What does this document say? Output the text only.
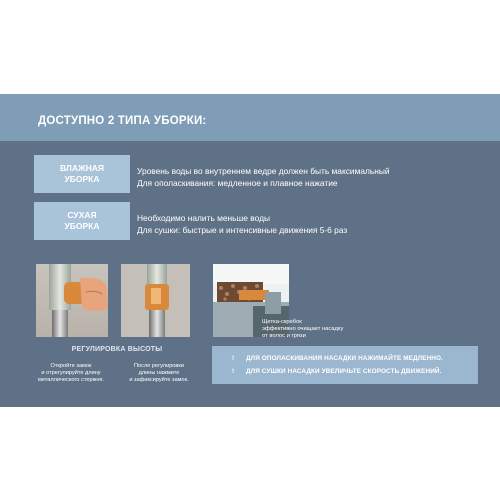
ДОСТУПНО 2 ТИПА УБОРКИ:
ВЛАЖНАЯ
УБОРКА
Уровень воды во внутреннем ведре должен быть максимальный
Для ополаскивания: медленное и плавное нажатие
СУХАЯ
УБОРКА
Необходимо налить меньше воды
Для сушки: быстрые и интенсивные движения 5-6 раз
РЕГУЛИРОВКА ВЫСОТЫ
Откройте замок
и отрегулируйте длину
металлического стержня.
После регулировки
длины нажмите
и зафиксируйте замок.
Щетка-скребок
эффективно очищает насадку
от волос и грязи
! ДЛЯ ОПОЛАСКИВАНИЯ НАСАДКИ НАЖИМАЙТЕ МЕДЛЕННО.
! ДЛЯ СУШКИ НАСАДКИ УВЕЛИЧЬТЕ СКОРОСТЬ ДВИЖЕНИЙ.
